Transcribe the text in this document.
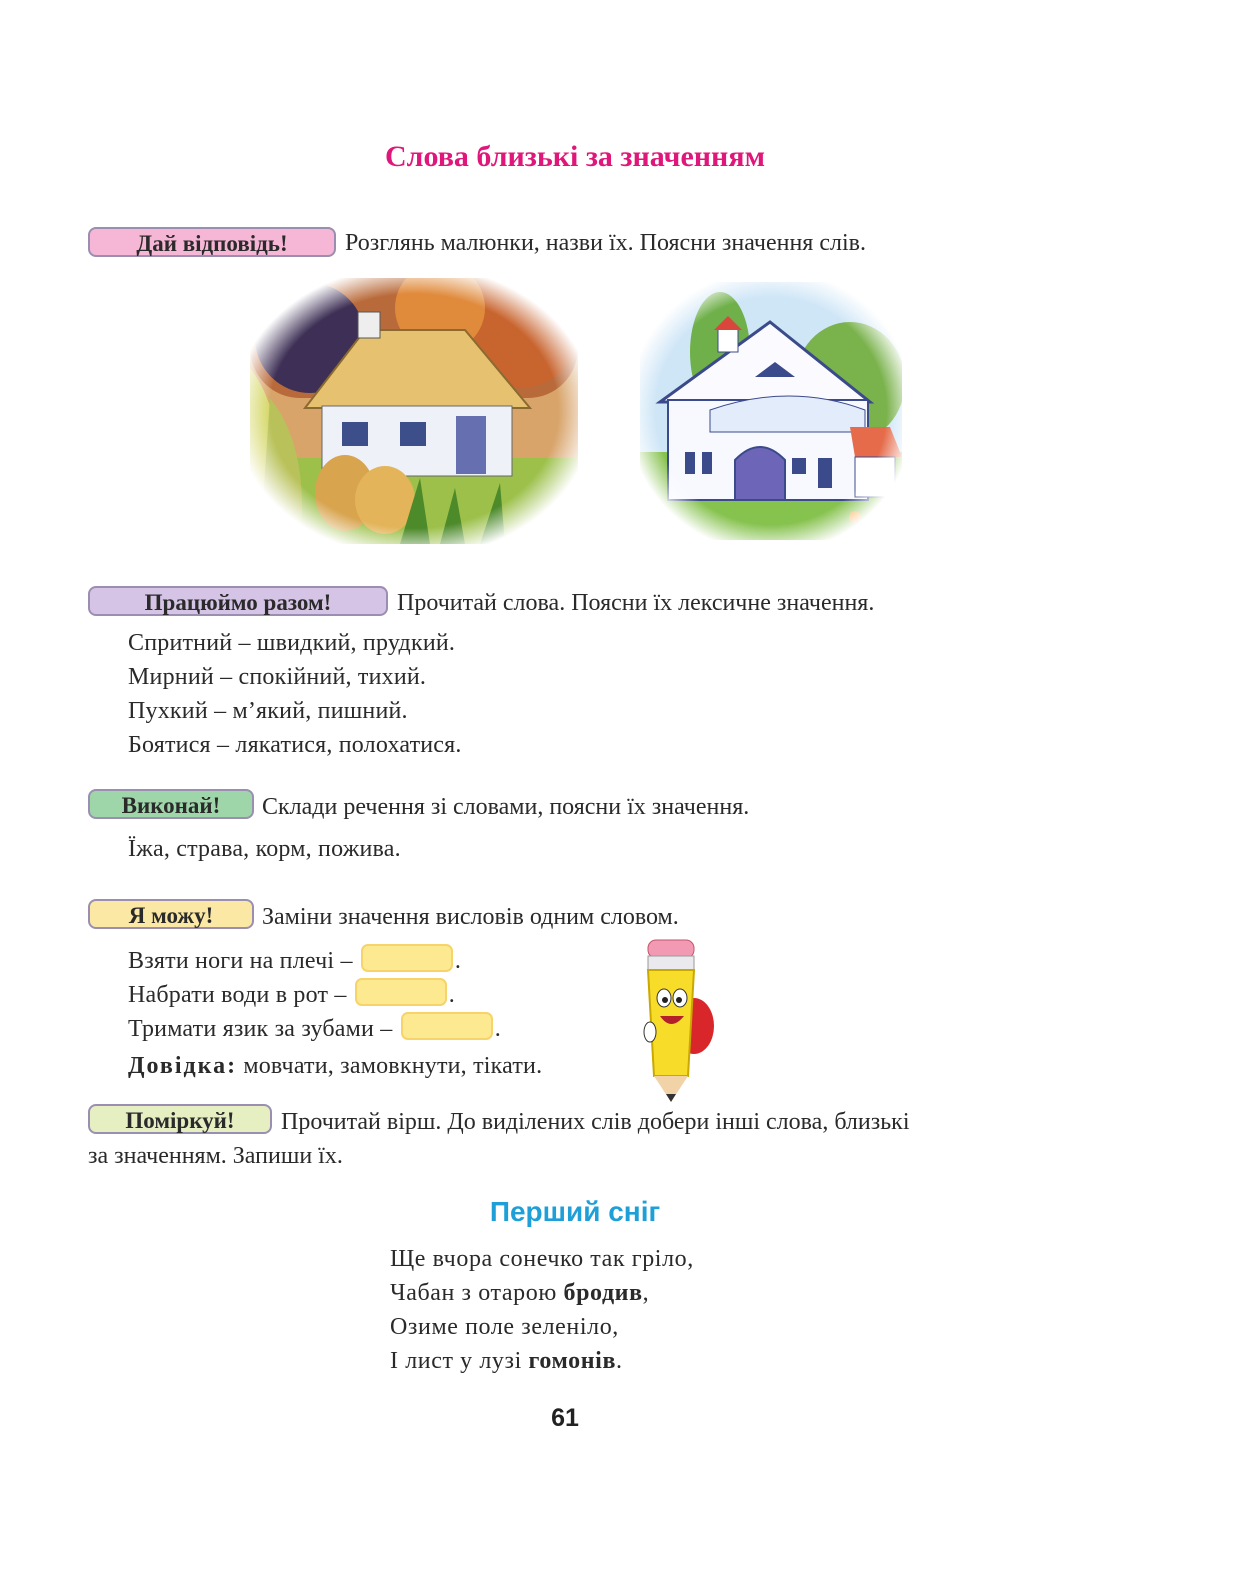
Слова близькі за значенням
Дай відповідь!	Розглянь малюнки, назви їх. Поясни значення слів.
Працюймо разом!	Прочитай слова. Поясни їх лексичне значення.
Спритний – швидкий, прудкий.
Мирний – спокійний, тихий.
Пухкий – м’який, пишний.
Боятися – лякатися, полохатися.
Виконай!	Склади речення зі словами, поясни їх значення.
Їжа, страва, корм, пожива.
Я можу!	Заміни значення висловів одним словом.
Взяти ноги на плечі –	.
Набрати води в рот –	.
Тримати язик за зубами –	.
Довідка: мовчати, замовкнути, тікати.
Поміркуй!	Прочитай вірш. До виділених слів добери інші слова, близькі
за значенням. Запиши їх.
Перший сніг
Ще вчора сонечко так гріло,
Чабан з отарою бродив,
Озиме поле зеленіло,
І лист у лузі гомонів.
61
